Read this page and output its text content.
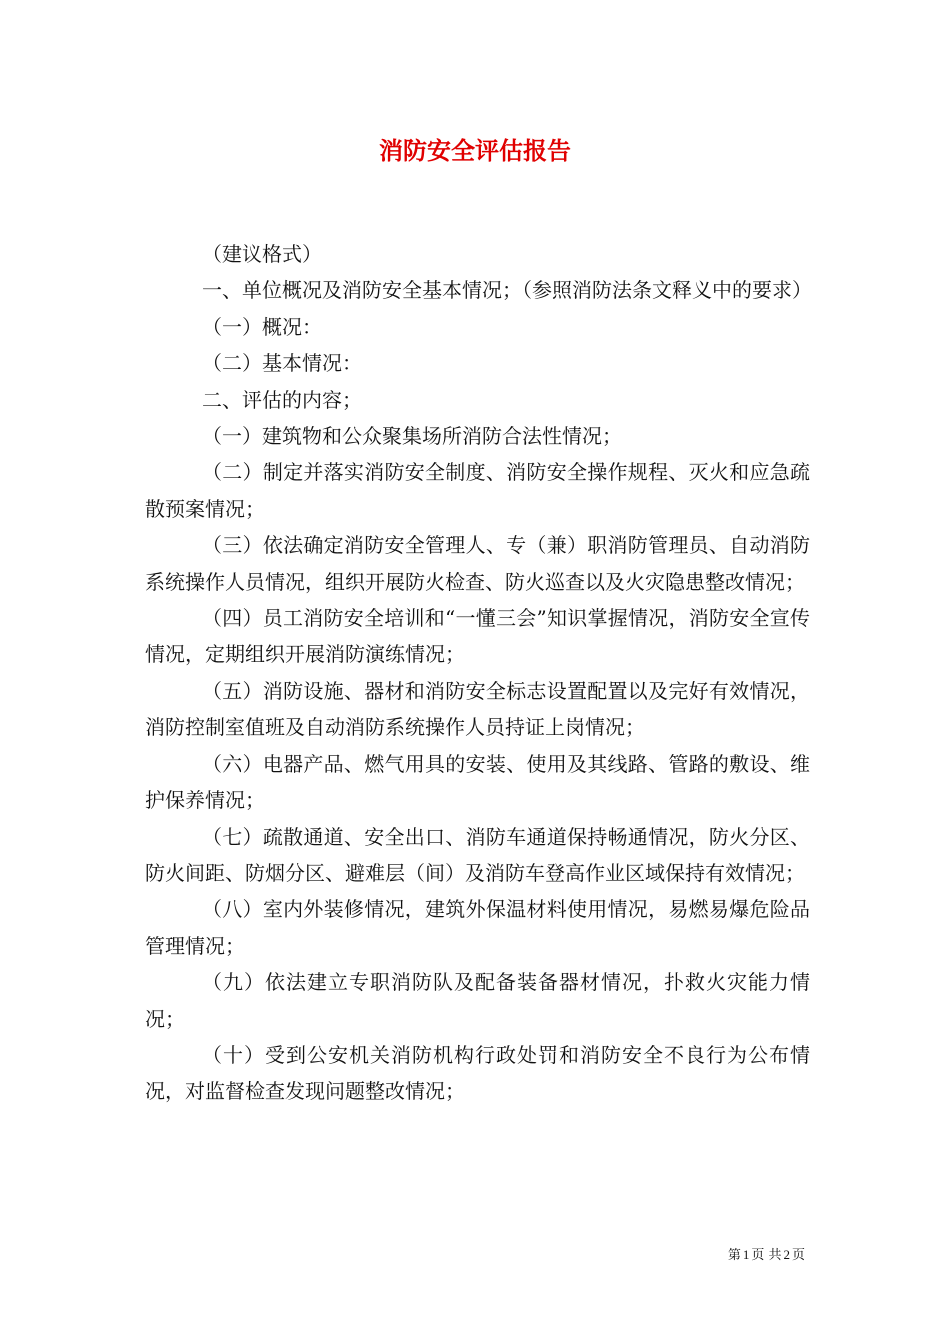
消防安全评估报告

（建议格式）

一、单位概况及消防安全基本情况；（参照消防法条文释义中的要求）

（一）概况：

（二）基本情况：

二、评估的内容；

（一）建筑物和公众聚集场所消防合法性情况；

（二）制定并落实消防安全制度、消防安全操作规程、灭火和应急疏散预案情况；

（三）依法确定消防安全管理人、专（兼）职消防管理员、自动消防系统操作人员情况，组织开展防火检查、防火巡查以及火灾隐患整改情况；

（四）员工消防安全培训和“一懂三会”知识掌握情况，消防安全宣传情况，定期组织开展消防演练情况；

（五）消防设施、器材和消防安全标志设置配置以及完好有效情况，消防控制室值班及自动消防系统操作人员持证上岗情况；

（六）电器产品、燃气用具的安装、使用及其线路、管路的敷设、维护保养情况；

（七）疏散通道、安全出口、消防车通道保持畅通情况，防火分区、防火间距、防烟分区、避难层（间）及消防车登高作业区域保持有效情况；

（八）室内外装修情况，建筑外保温材料使用情况，易燃易爆危险品管理情况；

（九）依法建立专职消防队及配备装备器材情况，扑救火灾能力情况；

（十）受到公安机关消防机构行政处罚和消防安全不良行为公布情况，对监督检查发现问题整改情况；

第 1 页 共 2 页
